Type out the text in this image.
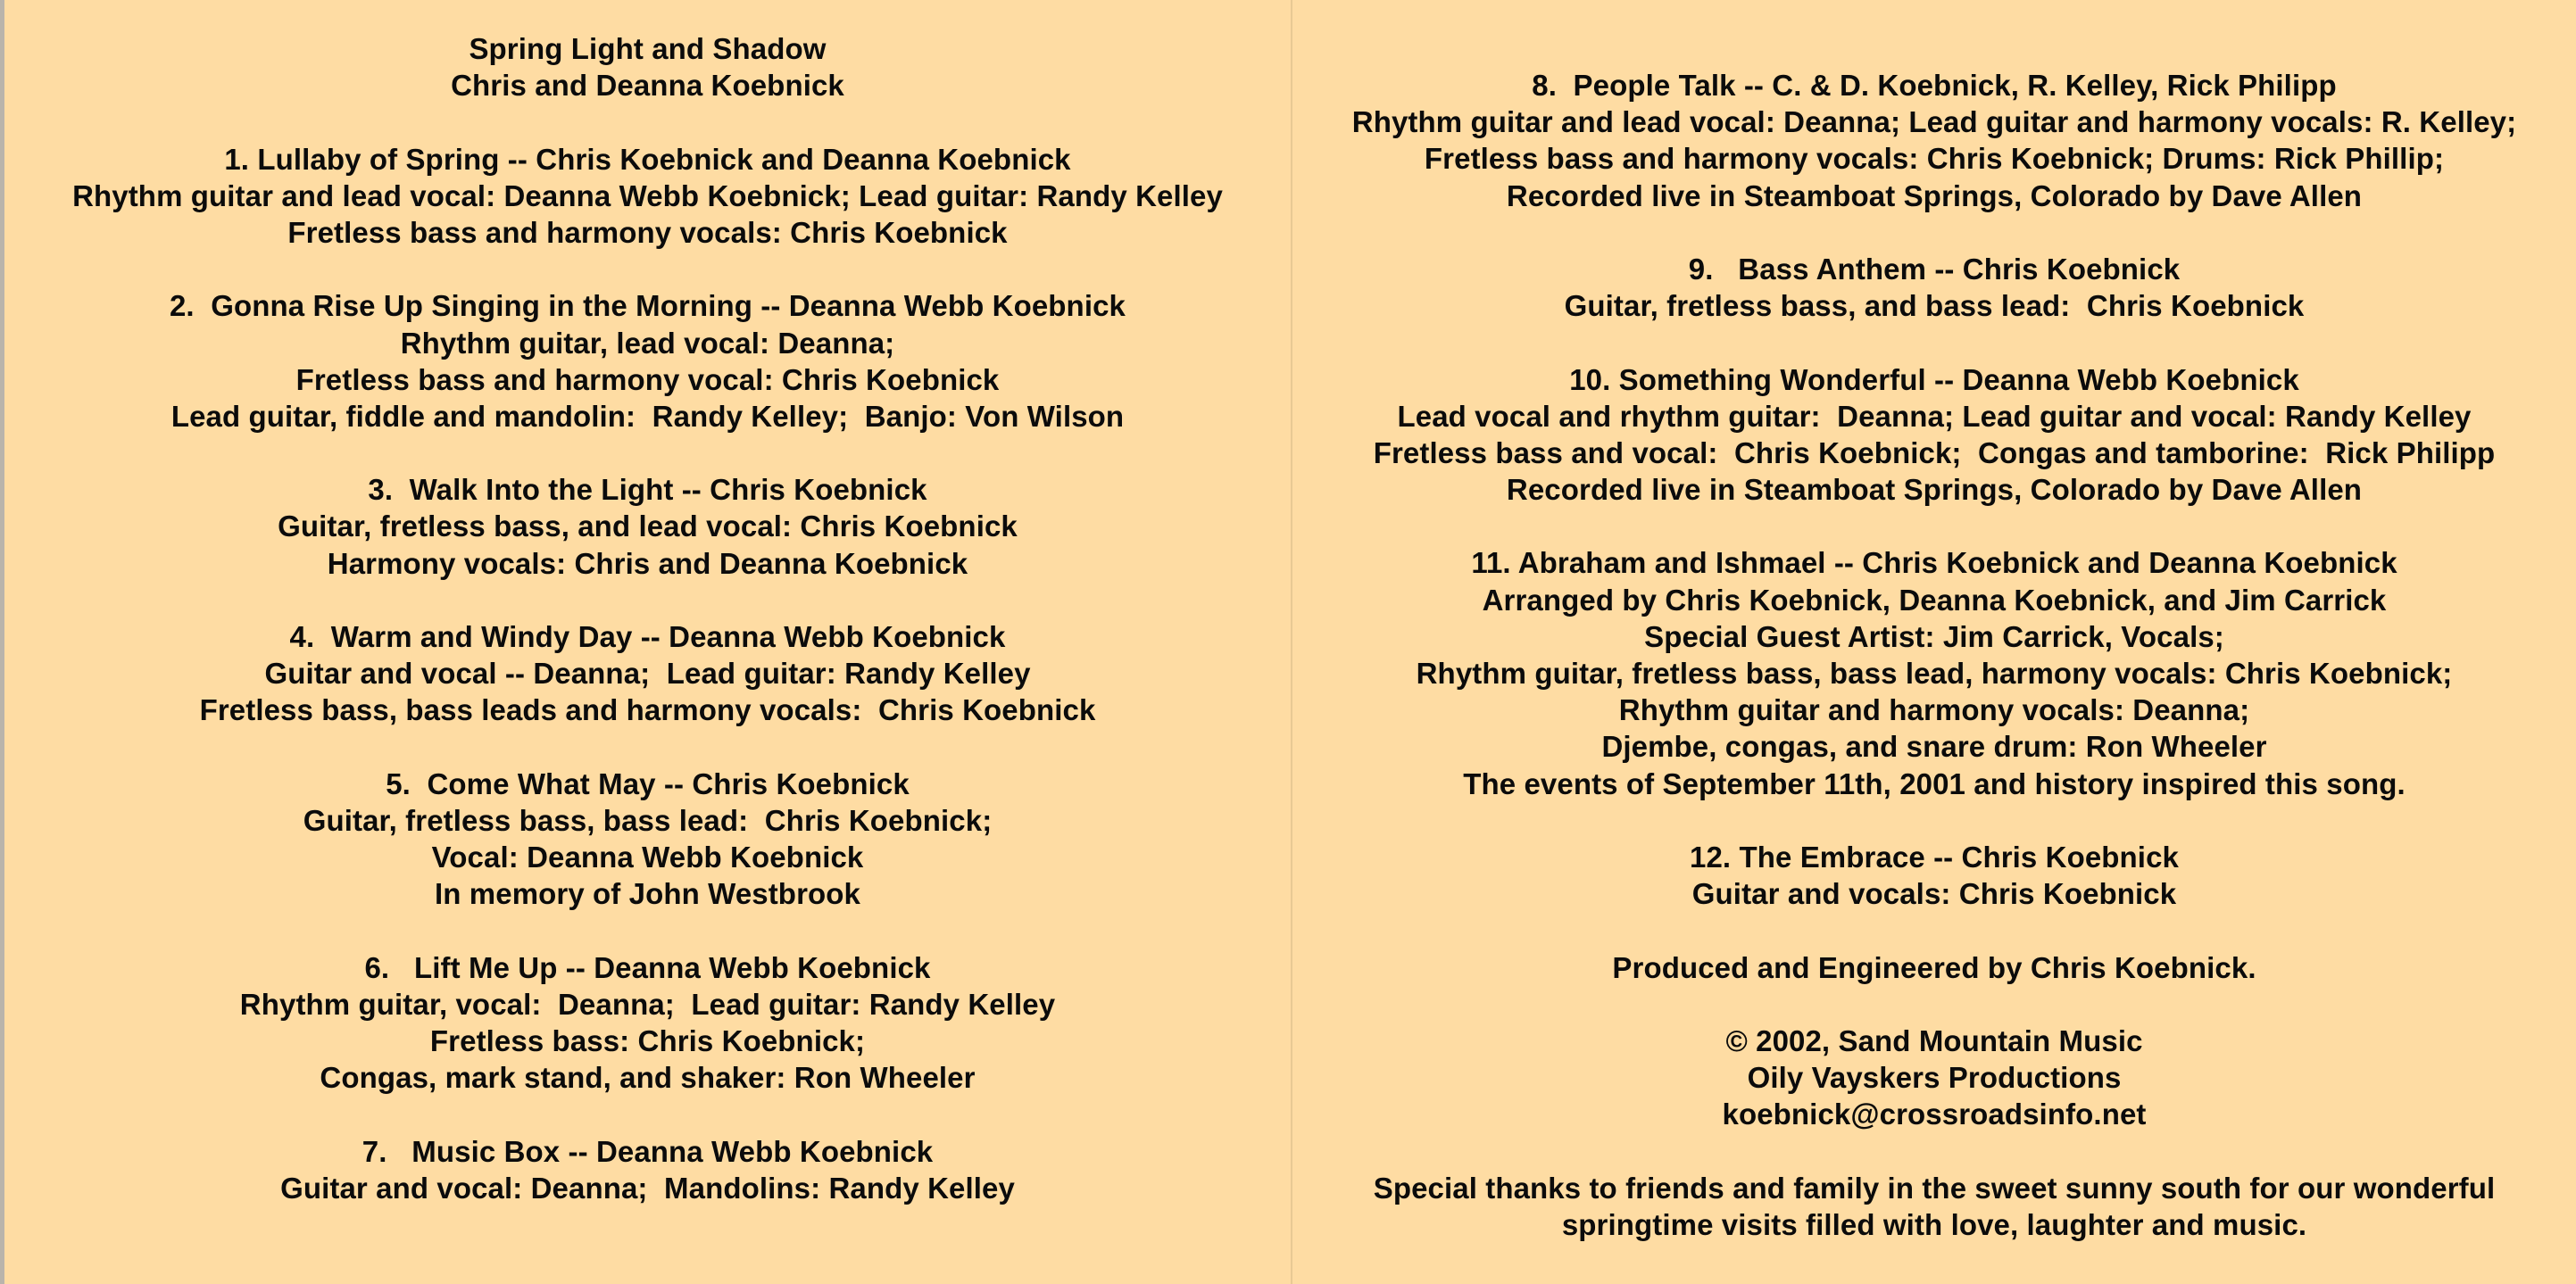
Spring Light and Shadow
Chris and Deanna Koebnick
1. Lullaby of Spring -- Chris Koebnick and Deanna Koebnick
Rhythm guitar and lead vocal: Deanna Webb Koebnick; Lead guitar: Randy Kelley
Fretless bass and harmony vocals: Chris Koebnick
2.  Gonna Rise Up Singing in the Morning -- Deanna Webb Koebnick
Rhythm guitar, lead vocal: Deanna;
Fretless bass and harmony vocal: Chris Koebnick
Lead guitar, fiddle and mandolin:  Randy Kelley;  Banjo: Von Wilson
3.  Walk Into the Light -- Chris Koebnick
Guitar, fretless bass, and lead vocal: Chris Koebnick
Harmony vocals: Chris and Deanna Koebnick
4.  Warm and Windy Day -- Deanna Webb Koebnick
Guitar and vocal -- Deanna;  Lead guitar: Randy Kelley
Fretless bass, bass leads and harmony vocals:  Chris Koebnick
5.  Come What May -- Chris Koebnick
Guitar, fretless bass, bass lead:  Chris Koebnick;
Vocal: Deanna Webb Koebnick
In memory of John Westbrook
6.   Lift Me Up -- Deanna Webb Koebnick
Rhythm guitar, vocal:  Deanna;  Lead guitar: Randy Kelley
Fretless bass: Chris Koebnick;
Congas, mark stand, and shaker: Ron Wheeler
7.   Music Box -- Deanna Webb Koebnick
Guitar and vocal: Deanna;  Mandolins: Randy Kelley
8.  People Talk -- C. & D. Koebnick, R. Kelley, Rick Philipp
Rhythm guitar and lead vocal: Deanna; Lead guitar and harmony vocals: R. Kelley;
Fretless bass and harmony vocals: Chris Koebnick; Drums: Rick Phillip;
Recorded live in Steamboat Springs, Colorado by Dave Allen
9.   Bass Anthem -- Chris Koebnick
Guitar, fretless bass, and bass lead:  Chris Koebnick
10. Something Wonderful -- Deanna Webb Koebnick
Lead vocal and rhythm guitar:  Deanna; Lead guitar and vocal: Randy Kelley
Fretless bass and vocal:  Chris Koebnick;  Congas and tamborine:  Rick Philipp
Recorded live in Steamboat Springs, Colorado by Dave Allen
11. Abraham and Ishmael -- Chris Koebnick and Deanna Koebnick
Arranged by Chris Koebnick, Deanna Koebnick, and Jim Carrick
Special Guest Artist: Jim Carrick, Vocals;
Rhythm guitar, fretless bass, bass lead, harmony vocals: Chris Koebnick;
Rhythm guitar and harmony vocals: Deanna;
Djembe, congas, and snare drum: Ron Wheeler
The events of September 11th, 2001 and history inspired this song.
12. The Embrace -- Chris Koebnick
Guitar and vocals: Chris Koebnick
Produced and Engineered by Chris Koebnick.
© 2002, Sand Mountain Music
Oily Vayskers Productions
koebnick@crossroadsinfo.net
Special thanks to friends and family in the sweet sunny south for our wonderful
springtime visits filled with love, laughter and music.
